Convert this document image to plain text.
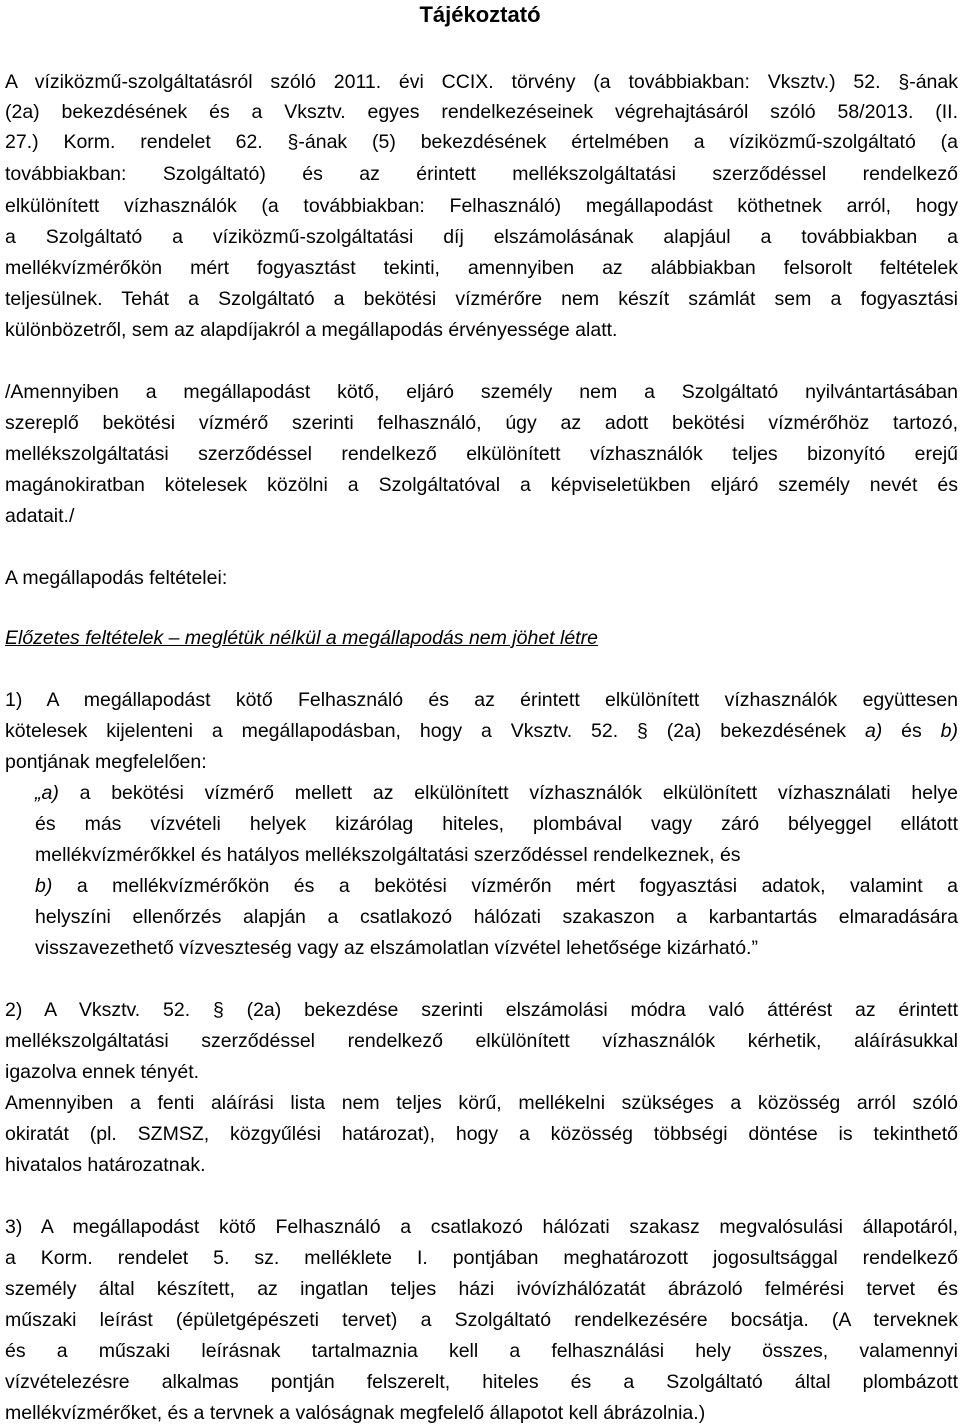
Tájékoztató
A víziközmű-szolgáltatásról szóló 2011. évi CCIX. törvény (a továbbiakban: Vksztv.) 52. §-ának
(2a) bekezdésének és a Vksztv. egyes rendelkezéseinek végrehajtásáról szóló 58/2013. (II.
27.) Korm. rendelet 62. §-ának (5) bekezdésének értelmében a víziközmű-szolgáltató (a
továbbiakban: Szolgáltató) és az érintett mellékszolgáltatási szerződéssel rendelkező
elkülönített vízhasználók (a továbbiakban: Felhasználó) megállapodást köthetnek arról, hogy
a Szolgáltató a víziközmű-szolgáltatási díj elszámolásának alapjául a továbbiakban a
mellékvízmérőkön mért fogyasztást tekinti, amennyiben az alábbiakban felsorolt feltételek
teljesülnek. Tehát a Szolgáltató a bekötési vízmérőre nem készít számlát sem a fogyasztási
különbözetről, sem az alapdíjakról a megállapodás érvényessége alatt.
/Amennyiben a megállapodást kötő, eljáró személy nem a Szolgáltató nyilvántartásában
szereplő bekötési vízmérő szerinti felhasználó, úgy az adott bekötési vízmérőhöz tartozó,
mellékszolgáltatási szerződéssel rendelkező elkülönített vízhasználók teljes bizonyító erejű
magánokiratban kötelesek közölni a Szolgáltatóval a képviseletükben eljáró személy nevét és
adatait./
A megállapodás feltételei:
Előzetes feltételek – meglétük nélkül a megállapodás nem jöhet létre
1) A megállapodást kötő Felhasználó és az érintett elkülönített vízhasználók együttesen
kötelesek kijelenteni a megállapodásban, hogy a Vksztv. 52. § (2a) bekezdésének a) és b)
pontjának megfelelően:
„a) a bekötési vízmérő mellett az elkülönített vízhasználók elkülönített vízhasználati helye
és más vízvételi helyek kizárólag hiteles, plombával vagy záró bélyeggel ellátott
mellékvízmérőkkel és hatályos mellékszolgáltatási szerződéssel rendelkeznek, és
b) a mellékvízmérőkön és a bekötési vízmérőn mért fogyasztási adatok, valamint a
helyszíni ellenőrzés alapján a csatlakozó hálózati szakaszon a karbantartás elmaradására
visszavezethető vízveszteség vagy az elszámolatlan vízvétel lehetősége kizárható.”
2) A Vksztv. 52. § (2a) bekezdése szerinti elszámolási módra való áttérést az érintett
mellékszolgáltatási szerződéssel rendelkező elkülönített vízhasználók kérhetik, aláírásukkal
igazolva ennek tényét.
Amennyiben a fenti aláírási lista nem teljes körű, mellékelni szükséges a közösség arról szóló
okiratát (pl. SZMSZ, közgyűlési határozat), hogy a közösség többségi döntése is tekinthető
hivatalos határozatnak.
3) A megállapodást kötő Felhasználó a csatlakozó hálózati szakasz megvalósulási állapotáról,
a Korm. rendelet 5. sz. melléklete I. pontjában meghatározott jogosultsággal rendelkező
személy által készített, az ingatlan teljes házi ivóvízhálózatát ábrázoló felmérési tervet és
műszaki leírást (épületgépészeti tervet) a Szolgáltató rendelkezésére bocsátja. (A terveknek
és a műszaki leírásnak tartalmaznia kell a felhasználási hely összes, valamennyi
vízvételezésre alkalmas pontján felszerelt, hiteles és a Szolgáltató által plombázott
mellékvízmérőket, és a tervnek a valóságnak megfelelő állapotot kell ábrázolnia.)
